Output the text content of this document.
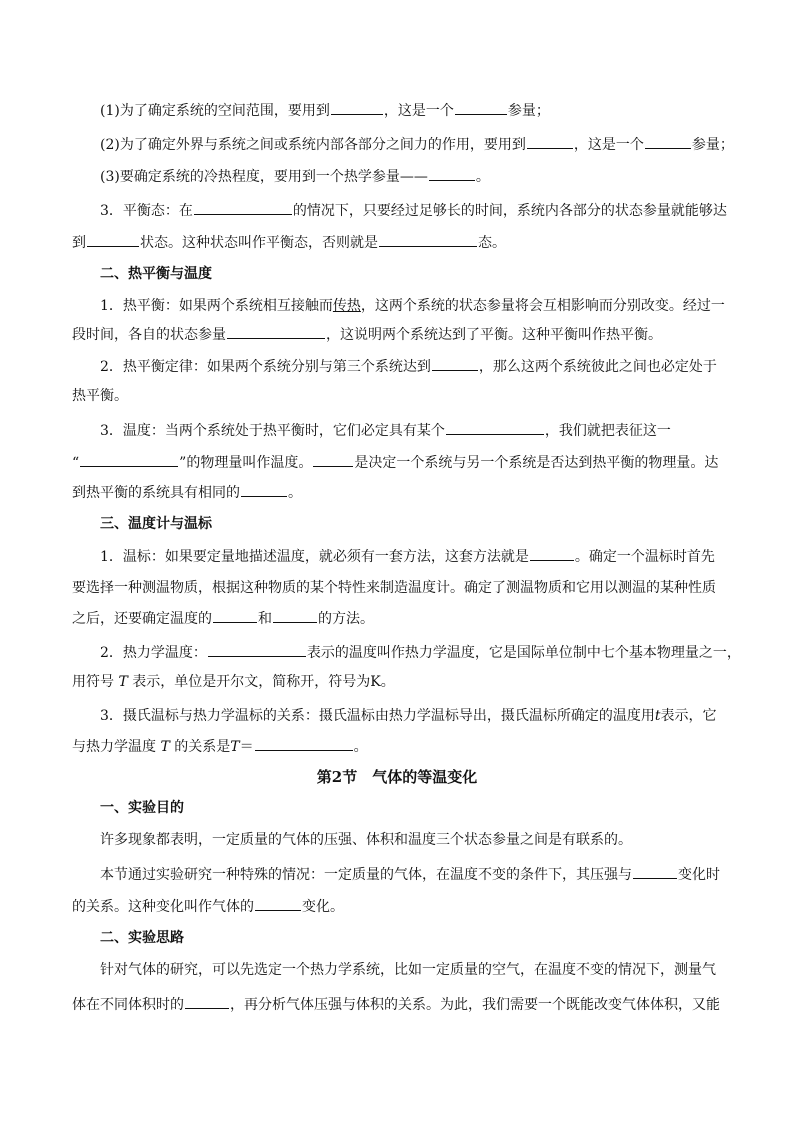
(1)为了确定系统的空间范围，要用到	，这是一个	参量；
(2)为了确定外界与系统之间或系统内部各部分之间力的作用，要用到	，这是一个	参量；
(3)要确定系统的冷热程度，要用到一个热学参量——	。
3．平衡态：在	的情况下，只要经过足够长的时间，系统内各部分的状态参量就能够达
到	状态。这种状态叫作平衡态，否则就是	态。
二、热平衡与温度
1．热平衡：如果两个系统相互接触而传热，这两个系统的状态参量将会互相影响而分别改变。经过一
段时间，各自的状态参量	，这说明两个系统达到了平衡。这种平衡叫作热平衡。
2．热平衡定律：如果两个系统分别与第三个系统达到	，那么这两个系统彼此之间也必定处于
热平衡。
3．温度：当两个系统处于热平衡时，它们必定具有某个	，我们就把表征这一
“	”的物理量叫作温度。	是决定一个系统与另一个系统是否达到热平衡的物理量。达
到热平衡的系统具有相同的	。
三、温度计与温标
1．温标：如果要定量地描述温度，就必须有一套方法，这套方法就是	。确定一个温标时首先
要选择一种测温物质，根据这种物质的某个特性来制造温度计。确定了测温物质和它用以测温的某种性质
之后，还要确定温度的	和	的方法。
2．热力学温度：	表示的温度叫作热力学温度，它是国际单位制中七个基本物理量之一，
用符号 T 表示，单位是开尔文，简称开，符号为K。
3．摄氏温标与热力学温标的关系：摄氏温标由热力学温标导出，摄氏温标所确定的温度用t表示，它
与热力学温度 T 的关系是T＝	。
第2节　气体的等温变化
一、实验目的
许多现象都表明，一定质量的气体的压强、体积和温度三个状态参量之间是有联系的。
本节通过实验研究一种特殊的情况：一定质量的气体，在温度不变的条件下，其压强与	变化时
的关系。这种变化叫作气体的	变化。
二、实验思路
针对气体的研究，可以先选定一个热力学系统，比如一定质量的空气，在温度不变的情况下，测量气
体在不同体积时的	，再分析气体压强与体积的关系。为此，我们需要一个既能改变气体体积，又能
